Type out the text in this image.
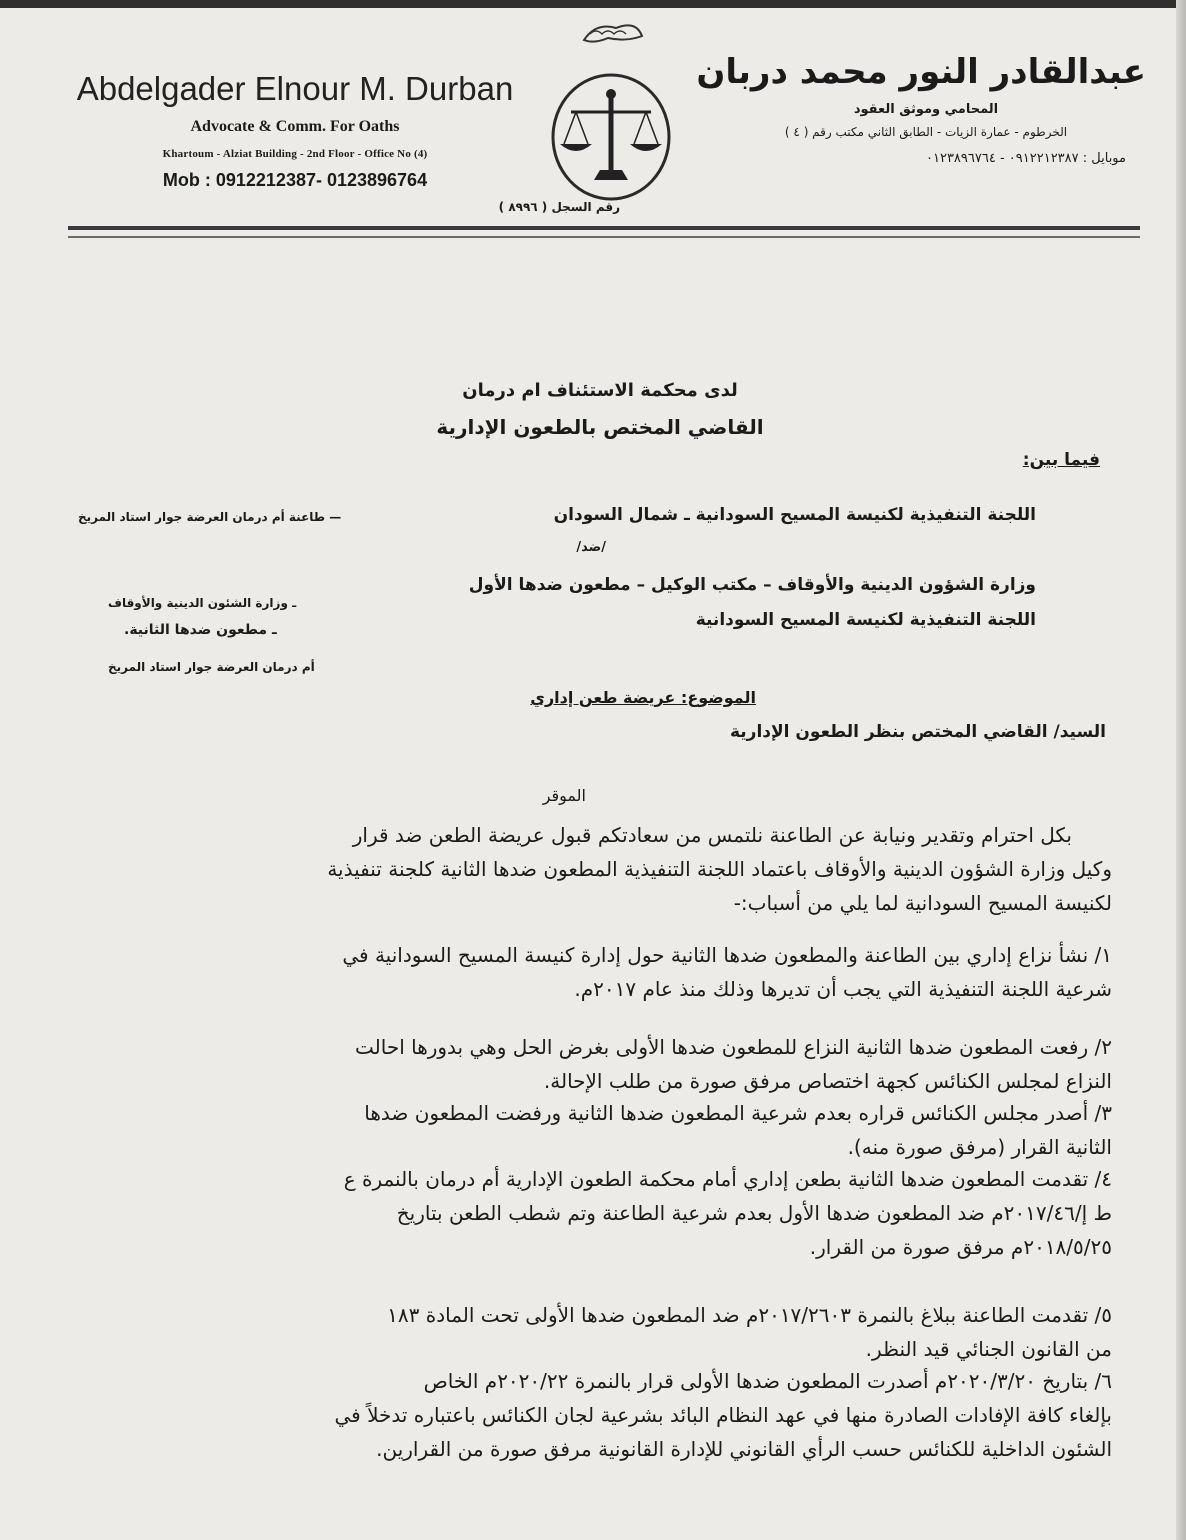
Abdelgader Elnour M. Durban
Advocate & Comm. For Oaths
Khartoum - Alziat Building - 2nd Floor - Office No (4)
Mob : 0912212387- 0123896764
رقم السجل ( ٨٩٩٦ )
عبدالقادر النور محمد دربان
المحامي وموثق العقود
الخرطوم - عمارة الزيات - الطابق الثاني مكتب رقم ( ٤ )
موبايل : ٠٩١٢٢١٢٣٨٧ - ٠١٢٣٨٩٦٧٦٤
لدى محكمة الاستئناف ام درمان
القاضي المختص بالطعون الإدارية
فيما بين:
اللجنة التنفيذية لكنيسة المسيح السودانية ـ شمال السودان
— طاعنة أم درمان العرضة جوار استاد المريخ
/ضد/
وزارة الشؤون الدينية والأوقاف – مكتب الوكيل – مطعون ضدها الأول
ـ وزارة الشئون الدينية والأوقاف
اللجنة التنفيذية لكنيسة المسيح السودانية
ـ مطعون ضدها الثانية.
أم درمان العرضة جوار استاد المريخ
الموضوع: عريضة طعن إداري
السيد/ القاضي المختص بنظر الطعون الإدارية
الموقر
بكل احترام وتقدير ونيابة عن الطاعنة نلتمس من سعادتكم قبول عريضة الطعن ضد قرار
وكيل وزارة الشؤون الدينية والأوقاف باعتماد اللجنة التنفيذية المطعون ضدها الثانية كلجنة تنفيذية
لكنيسة المسيح السودانية لما يلي من أسباب:-
١/ نشأ نزاع إداري بين الطاعنة والمطعون ضدها الثانية حول إدارة كنيسة المسيح السودانية في
شرعية اللجنة التنفيذية التي يجب أن تديرها وذلك منذ عام ٢٠١٧م.
٢/ رفعت المطعون ضدها الثانية النزاع للمطعون ضدها الأولى بغرض الحل وهي بدورها احالت
النزاع لمجلس الكنائس كجهة اختصاص مرفق صورة من طلب الإحالة.
٣/ أصدر مجلس الكنائس قراره بعدم شرعية المطعون ضدها الثانية ورفضت المطعون ضدها
الثانية القرار (مرفق صورة منه).
٤/ تقدمت المطعون ضدها الثانية بطعن إداري أمام محكمة الطعون الإدارية أم درمان بالنمرة ع
ط إ/٢٠١٧/٤٦م ضد المطعون ضدها الأول بعدم شرعية الطاعنة وتم شطب الطعن بتاريخ
٢٠١٨/٥/٢٥م مرفق صورة من القرار.
٥/ تقدمت الطاعنة ببلاغ بالنمرة ٢٠١٧/٢٦٠٣م ضد المطعون ضدها الأولى تحت المادة ١٨٣
من القانون الجنائي قيد النظر.
٦/ بتاريخ ٢٠٢٠/٣/٢٠م أصدرت المطعون ضدها الأولى قرار بالنمرة ٢٠٢٠/٢٢م الخاص
بإلغاء كافة الإفادات الصادرة منها في عهد النظام البائد بشرعية لجان الكنائس باعتباره تدخلاً في
الشئون الداخلية للكنائس حسب الرأي القانوني للإدارة القانونية مرفق صورة من القرارين.
